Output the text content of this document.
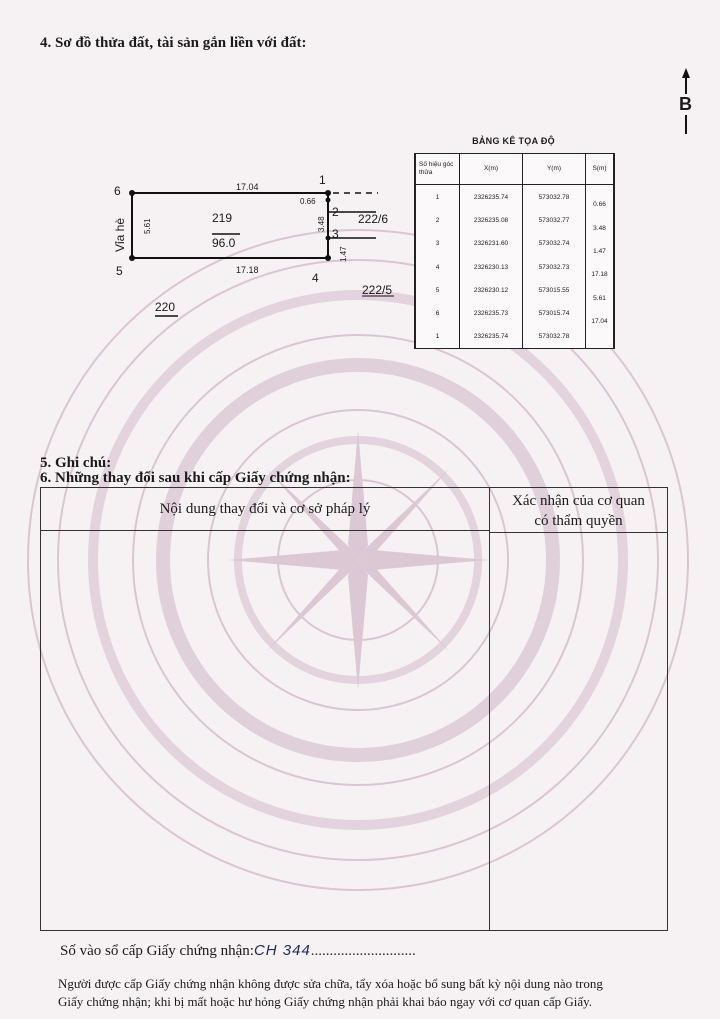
4. Sơ đồ thửa đất, tài sản gắn liền với đất:
B
6
1
2
3
4
5
17.04
17.18
0.66
3.48
1.47
5.61
Vỉa hè	219
96.0
220
222/6
222/5
BẢNG KÊ TỌA ĐỘ
Số hiệu góc thửa	X(m)	Y(m)	S(m)
1	2326235.74	573032.78	0.66

2	2326235.08	573032.77	3.48

3	2326231.60	573032.74	1.47

4	2326230.13	573032.73	17.18

5	2326230.12	573015.55	5.61

6	2326235.73	573015.74	17.04

1	2326235.74	573032.78	
5. Ghi chú:
6. Những thay đổi sau khi cấp Giấy chứng nhận:
Nội dung thay đổi và cơ sở pháp lý	Xác nhận của cơ quan
có thẩm quyền
Số vào sổ cấp Giấy chứng nhận:CH 344............................
Người được cấp Giấy chứng nhận không được sửa chữa, tẩy xóa hoặc bổ sung bất kỳ nội dung nào trong
Giấy chứng nhận; khi bị mất hoặc hư hỏng Giấy chứng nhận phải khai báo ngay với cơ quan cấp Giấy.
